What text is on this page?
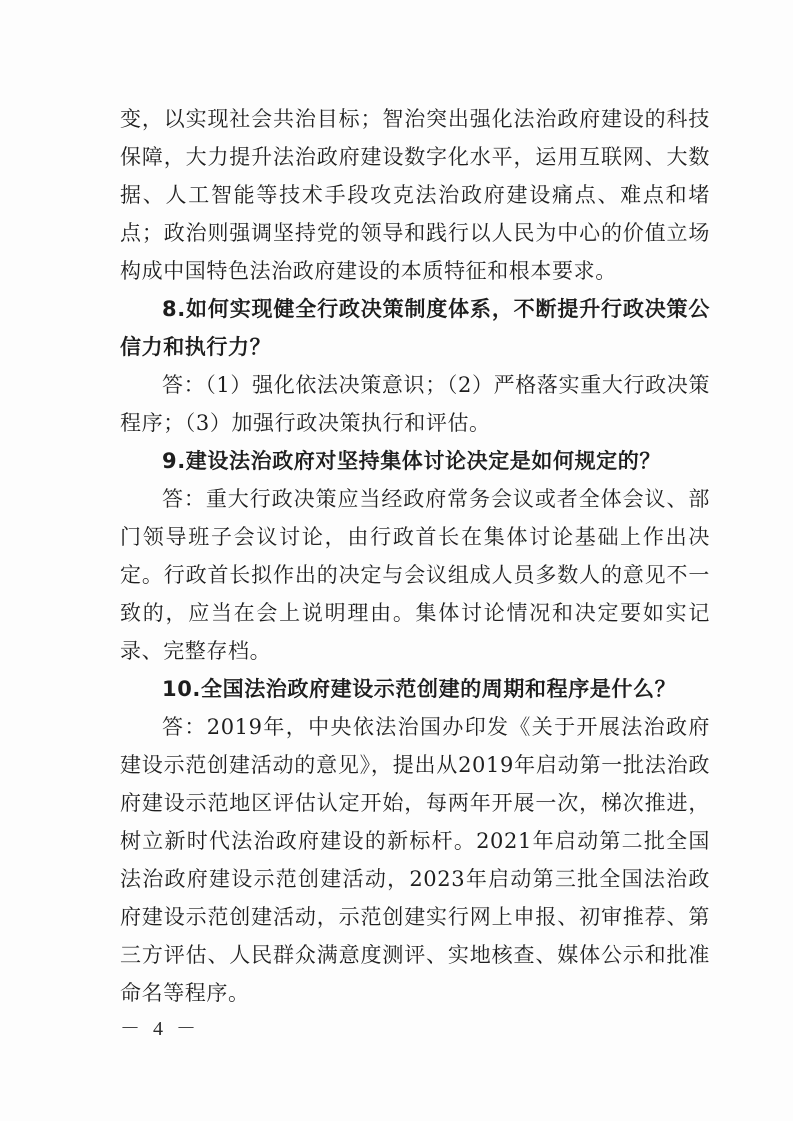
变，以实现社会共治目标；智治突出强化法治政府建设的科技保障，大力提升法治政府建设数字化水平，运用互联网、大数据、人工智能等技术手段攻克法治政府建设痛点、难点和堵点；政治则强调坚持党的领导和践行以人民为中心的价值立场构成中国特色法治政府建设的本质特征和根本要求。

8.如何实现健全行政决策制度体系，不断提升行政决策公信力和执行力？

答：（1）强化依法决策意识；（2）严格落实重大行政决策程序；（3）加强行政决策执行和评估。

9.建设法治政府对坚持集体讨论决定是如何规定的？

答：重大行政决策应当经政府常务会议或者全体会议、部门领导班子会议讨论，由行政首长在集体讨论基础上作出决定。行政首长拟作出的决定与会议组成人员多数人的意见不一致的，应当在会上说明理由。集体讨论情况和决定要如实记录、完整存档。

10.全国法治政府建设示范创建的周期和程序是什么？

答：2019年，中央依法治国办印发《关于开展法治政府建设示范创建活动的意见》，提出从2019年启动第一批法治政府建设示范地区评估认定开始，每两年开展一次，梯次推进，树立新时代法治政府建设的新标杆。2021年启动第二批全国法治政府建设示范创建活动，2023年启动第三批全国法治政府建设示范创建活动，示范创建实行网上申报、初审推荐、第三方评估、人民群众满意度测评、实地核查、媒体公示和批准命名等程序。

－ 4 －
